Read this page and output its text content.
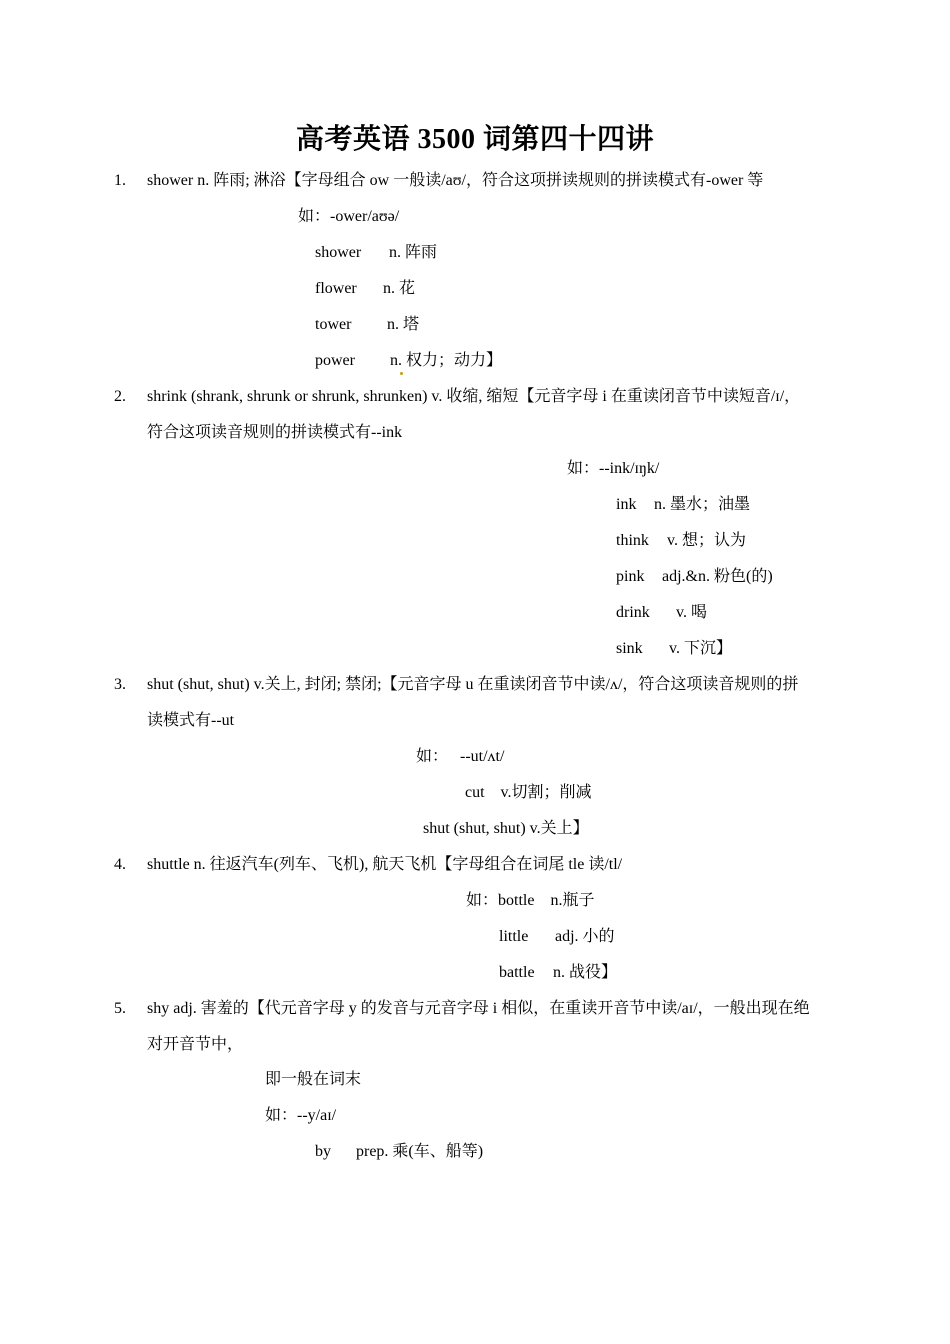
高考英语 3500 词第四十四讲
1. shower n. 阵雨; 淋浴【字母组合 ow 一般读/aʊ/，符合这项拼读规则的拼读模式有-ower 等
如：-ower/aʊə/
shower n. 阵雨
flower n. 花
tower n. 塔
power n. 权力；动力】
2. shrink (shrank, shrunk or shrunk, shrunken) v. 收缩, 缩短【元音字母 i 在重读闭音节中读短音/ɪ/，
符合这项读音规则的拼读模式有--ink
如：--ink/ɪŋk/
ink n. 墨水；油墨
think v. 想；认为
pink adj.&n. 粉色(的)
drink v. 喝
sink v. 下沉】
3. shut (shut, shut) v.关上, 封闭; 禁闭;【元音字母 u 在重读闭音节中读/ʌ/，符合这项读音规则的拼
读模式有--ut
如：   --ut/ʌt/
cut    v.切割；削减
shut (shut, shut) v.关上】
4. shuttle n. 往返汽车(列车、飞机), 航天飞机【字母组合在词尾 tle 读/tl/
如：bottle    n.瓶子
little adj. 小的
battle n. 战役】
5. shy adj. 害羞的【代元音字母 y 的发音与元音字母 i 相似，在重读开音节中读/aɪ/，一般出现在绝
对开音节中，
即一般在词末
如：--y/aɪ/
by prep. 乘(车、船等)
